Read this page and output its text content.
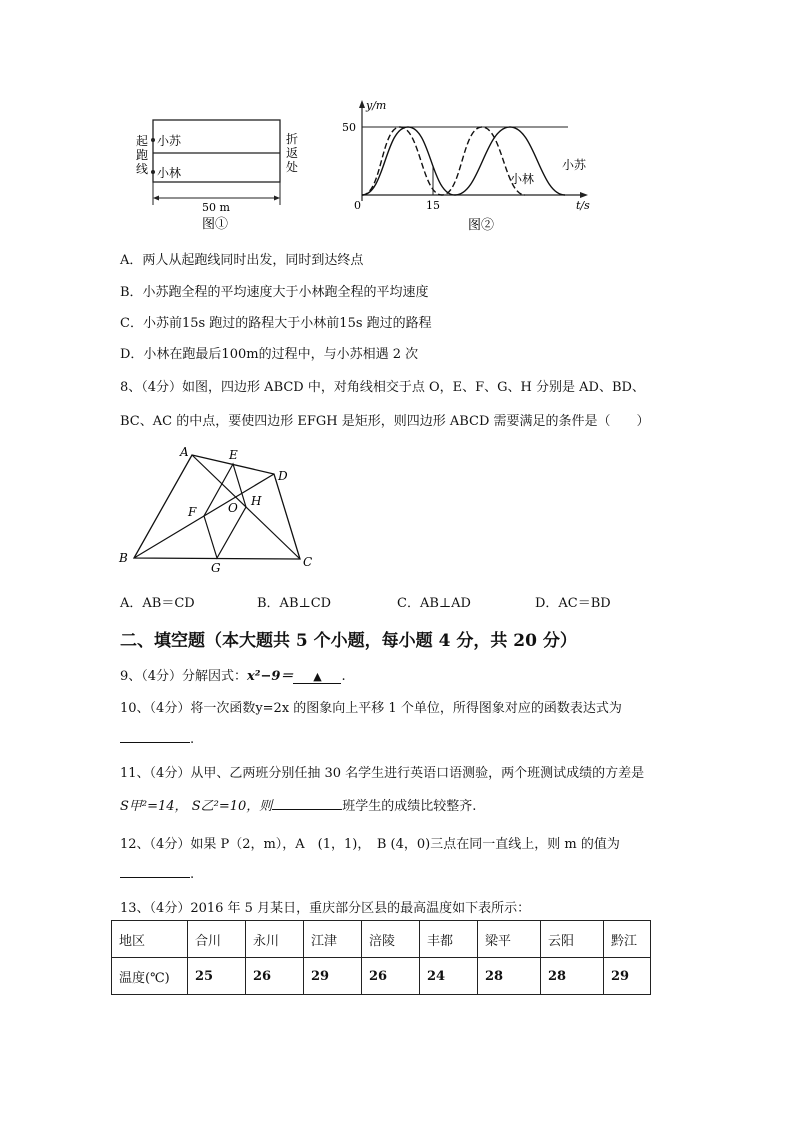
起
跑
线
折
返
处
小苏
小林
50 m
图①
y/m
50
0	15	t/s
小苏
小林
图②
A．两人从起跑线同时出发，同时到达终点
B．小苏跑全程的平均速度大于小林跑全程的平均速度
C．小苏前15s 跑过的路程大于小林前15s 跑过的路程
D．小林在跑最后100m的过程中，与小苏相遇 2 次
8、（4分）如图，四边形 ABCD 中，对角线相交于点 O，E、F、G、H 分别是 AD、BD、
BC、AC 的中点，要使四边形 EFGH 是矩形，则四边形 ABCD 需要满足的条件是（　　）
A	E
D
H
O
F
B
G	C
A．AB＝CD	B．AB⊥CD	C．AB⊥AD	D．AC＝BD
二、填空题（本大题共 5 个小题，每小题 4 分，共 20 分）
9、（4分）分解因式：x²−9＝ ▲ .
10、（4分）将一次函数y=2x 的图象向上平移 1 个单位，所得图象对应的函数表达式为
.
11、（4分）从甲、乙两班分别任抽 30 名学生进行英语口语测验，两个班测试成绩的方差是
S甲²=14， S乙²=10，则	班学生的成绩比较整齐.
12、（4分）如果 P（2，m），A　(1，1)，　B (4，0)三点在同一直线上，则 m 的值为
.
13、（4分）2016 年 5 月某日，重庆部分区县的最高温度如下表所示：
地区	合川	永川	江津	涪陵	丰都	梁平	云阳	黔江
温度(℃)	25	26	29	26	24	28	28	29
